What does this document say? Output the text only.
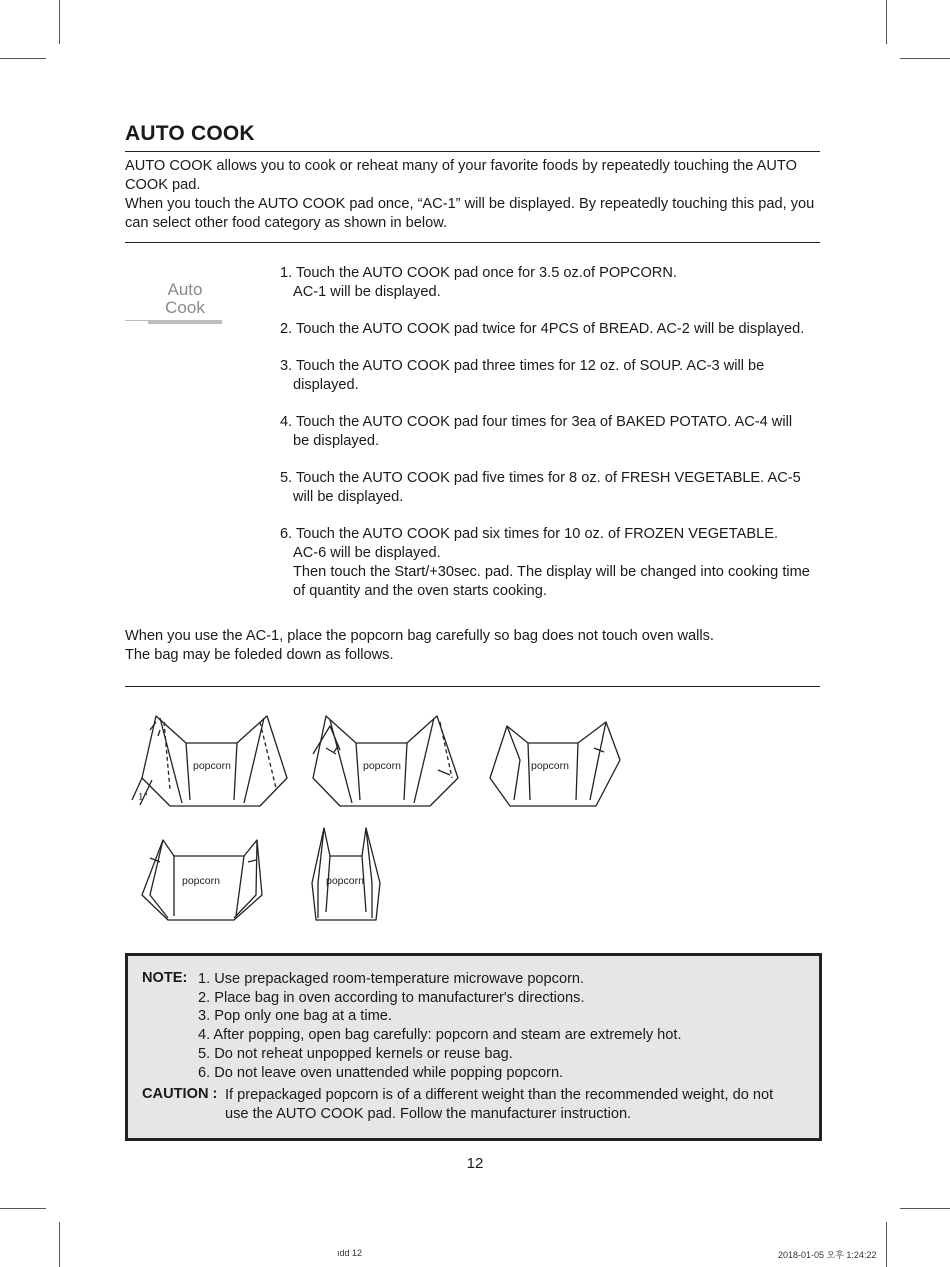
AUTO COOK

AUTO COOK allows you to cook or reheat many of your favorite foods by repeatedly touching the AUTO COOK pad.

When you touch the AUTO COOK pad once, “AC-1” will be displayed. By repeatedly touching this pad, you can select other food category as shown in below.

Auto
Cook
1. Touch the AUTO COOK pad once for 3.5 oz.of POPCORN.
AC-1 will be displayed.
2. Touch the AUTO COOK pad twice for 4PCS of BREAD. AC-2 will be displayed.
3. Touch the AUTO COOK pad three times for 12 oz. of SOUP. AC-3 will be
displayed.
4. Touch the AUTO COOK pad four times for 3ea of BAKED POTATO. AC-4 will
be displayed.
5. Touch the AUTO COOK pad five times for 8 oz. of FRESH VEGETABLE. AC-5
will be displayed.
6. Touch the AUTO COOK pad six times for 10 oz. of FROZEN VEGETABLE.
AC-6 will be displayed.
Then touch the Start/+30sec. pad. The display will be changed into cooking time
of quantity and the oven starts cooking.

When you use the AC-1, place the popcorn bag carefully so bag does not touch oven walls.

The bag may be foleded down as follows.

1"
popcorn	popcorn	popcorn
popcorn	popcorn
NOTE: 1. Use prepackaged room-temperature microwave popcorn.
2. Place bag in oven according to manufacturer's directions.
3. Pop only one bag at a time.
4. After popping, open bag carefully: popcorn and steam are extremely hot.
5. Do not reheat unpopped kernels or reuse bag.
6. Do not leave oven unattended while popping popcorn.
CAUTION : If prepackaged popcorn is of a different weight than the recommended weight, do not
use the AUTO COOK pad. Follow the manufacturer instruction.
12
ıdd 12	2018-01-05 오후 1:24:22
